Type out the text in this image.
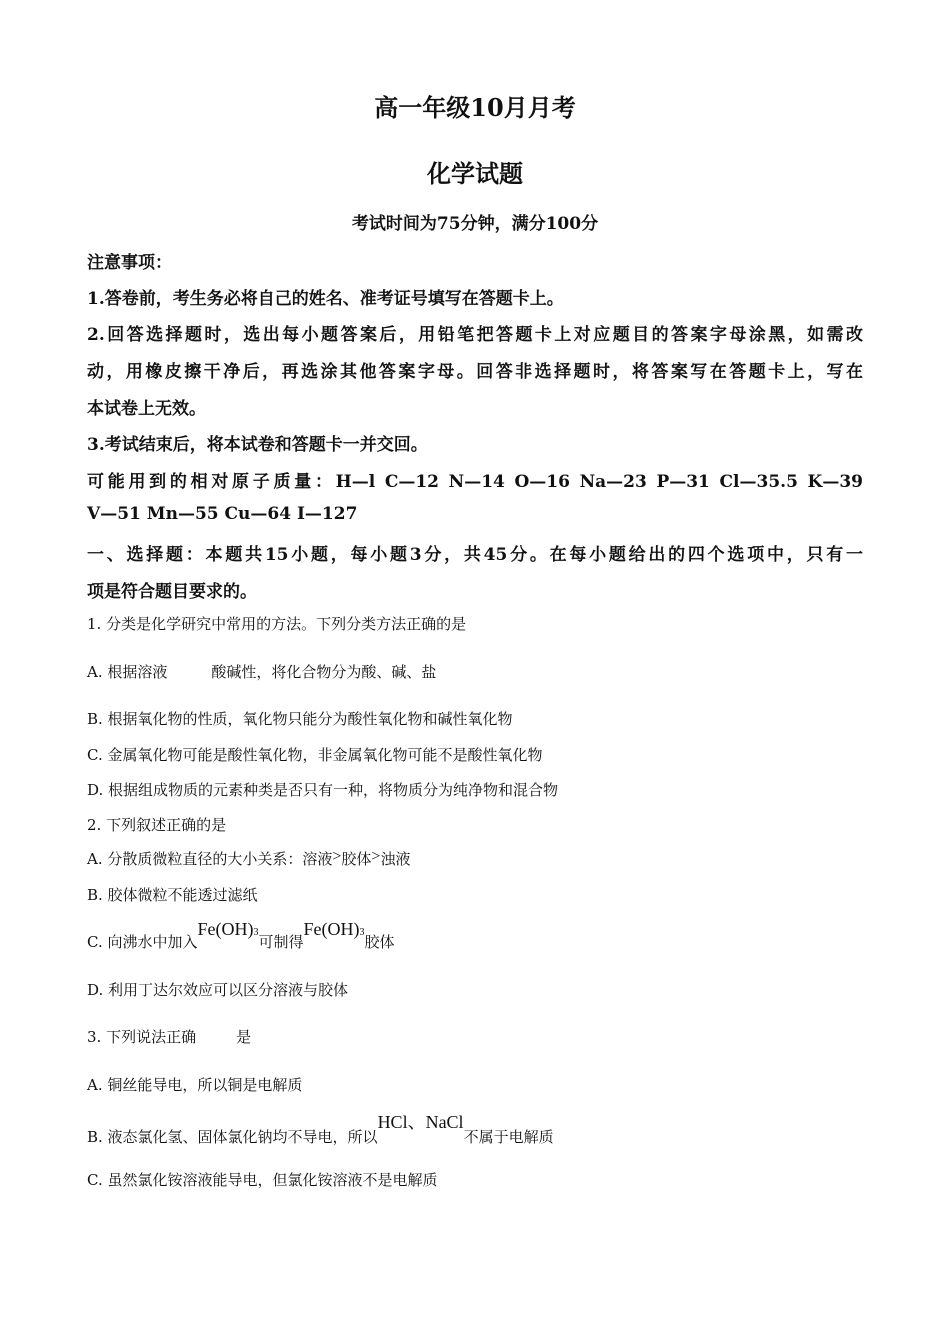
高一年级10月月考
化学试题
考试时间为75分钟，满分100分
注意事项：
1.答卷前，考生务必将自己的姓名、准考证号填写在答题卡上。
2.回答选择题时，选出每小题答案后，用铅笔把答题卡上对应题目的答案字母涂黑，如需改
动，用橡皮擦干净后，再选涂其他答案字母。回答非选择题时，将答案写在答题卡上，写在
本试卷上无效。
3.考试结束后，将本试卷和答题卡一并交回。
可能用到的相对原子质量：H—l C—12 N—14 O—16 Na—23 P—31 Cl—35.5 K—39
V—51 Mn—55 Cu—64 I—127
一、选择题：本题共15小题，每小题3分，共45分。在每小题给出的四个选项中，只有一
项是符合题目要求的。
1. 分类是化学研究中常用的方法。下列分类方法正确的是
A. 根据溶液	酸碱性，将化合物分为酸、碱、盐
B. 根据氧化物的性质，氧化物只能分为酸性氧化物和碱性氧化物
C. 金属氧化物可能是酸性氧化物，非金属氧化物可能不是酸性氧化物
D. 根据组成物质的元素种类是否只有一种，将物质分为纯净物和混合物
2. 下列叙述正确的是
A. 分散质微粒直径的大小关系：溶液>胶体>浊液
B. 胶体微粒不能透过滤纸
C. 向沸水中加入Fe(OH)3可制得Fe(OH)3胶体
D. 利用丁达尔效应可以区分溶液与胶体
3. 下列说法正确	是
A. 铜丝能导电，所以铜是电解质
B. 液态氯化氢、固体氯化钠均不导电，所以HCl、NaCl不属于电解质
C. 虽然氯化铵溶液能导电，但氯化铵溶液不是电解质
